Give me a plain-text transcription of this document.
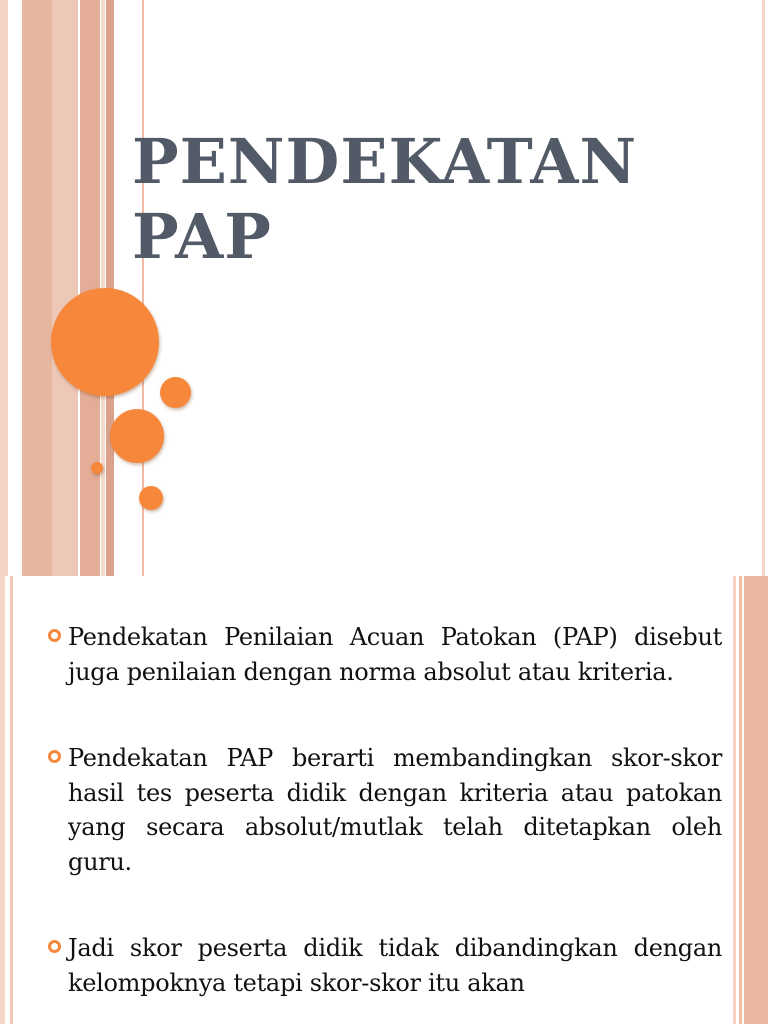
PENDEKATAN
PAP
Pendekatan Penilaian Acuan Patokan (PAP) disebut juga penilaian dengan norma absolut atau kriteria.
Pendekatan PAP berarti membandingkan skor-skor hasil tes peserta didik dengan kriteria atau patokan yang secara absolut/mutlak telah ditetapkan oleh guru.
Jadi skor peserta didik tidak dibandingkan dengan kelompoknya tetapi skor-skor itu akan
